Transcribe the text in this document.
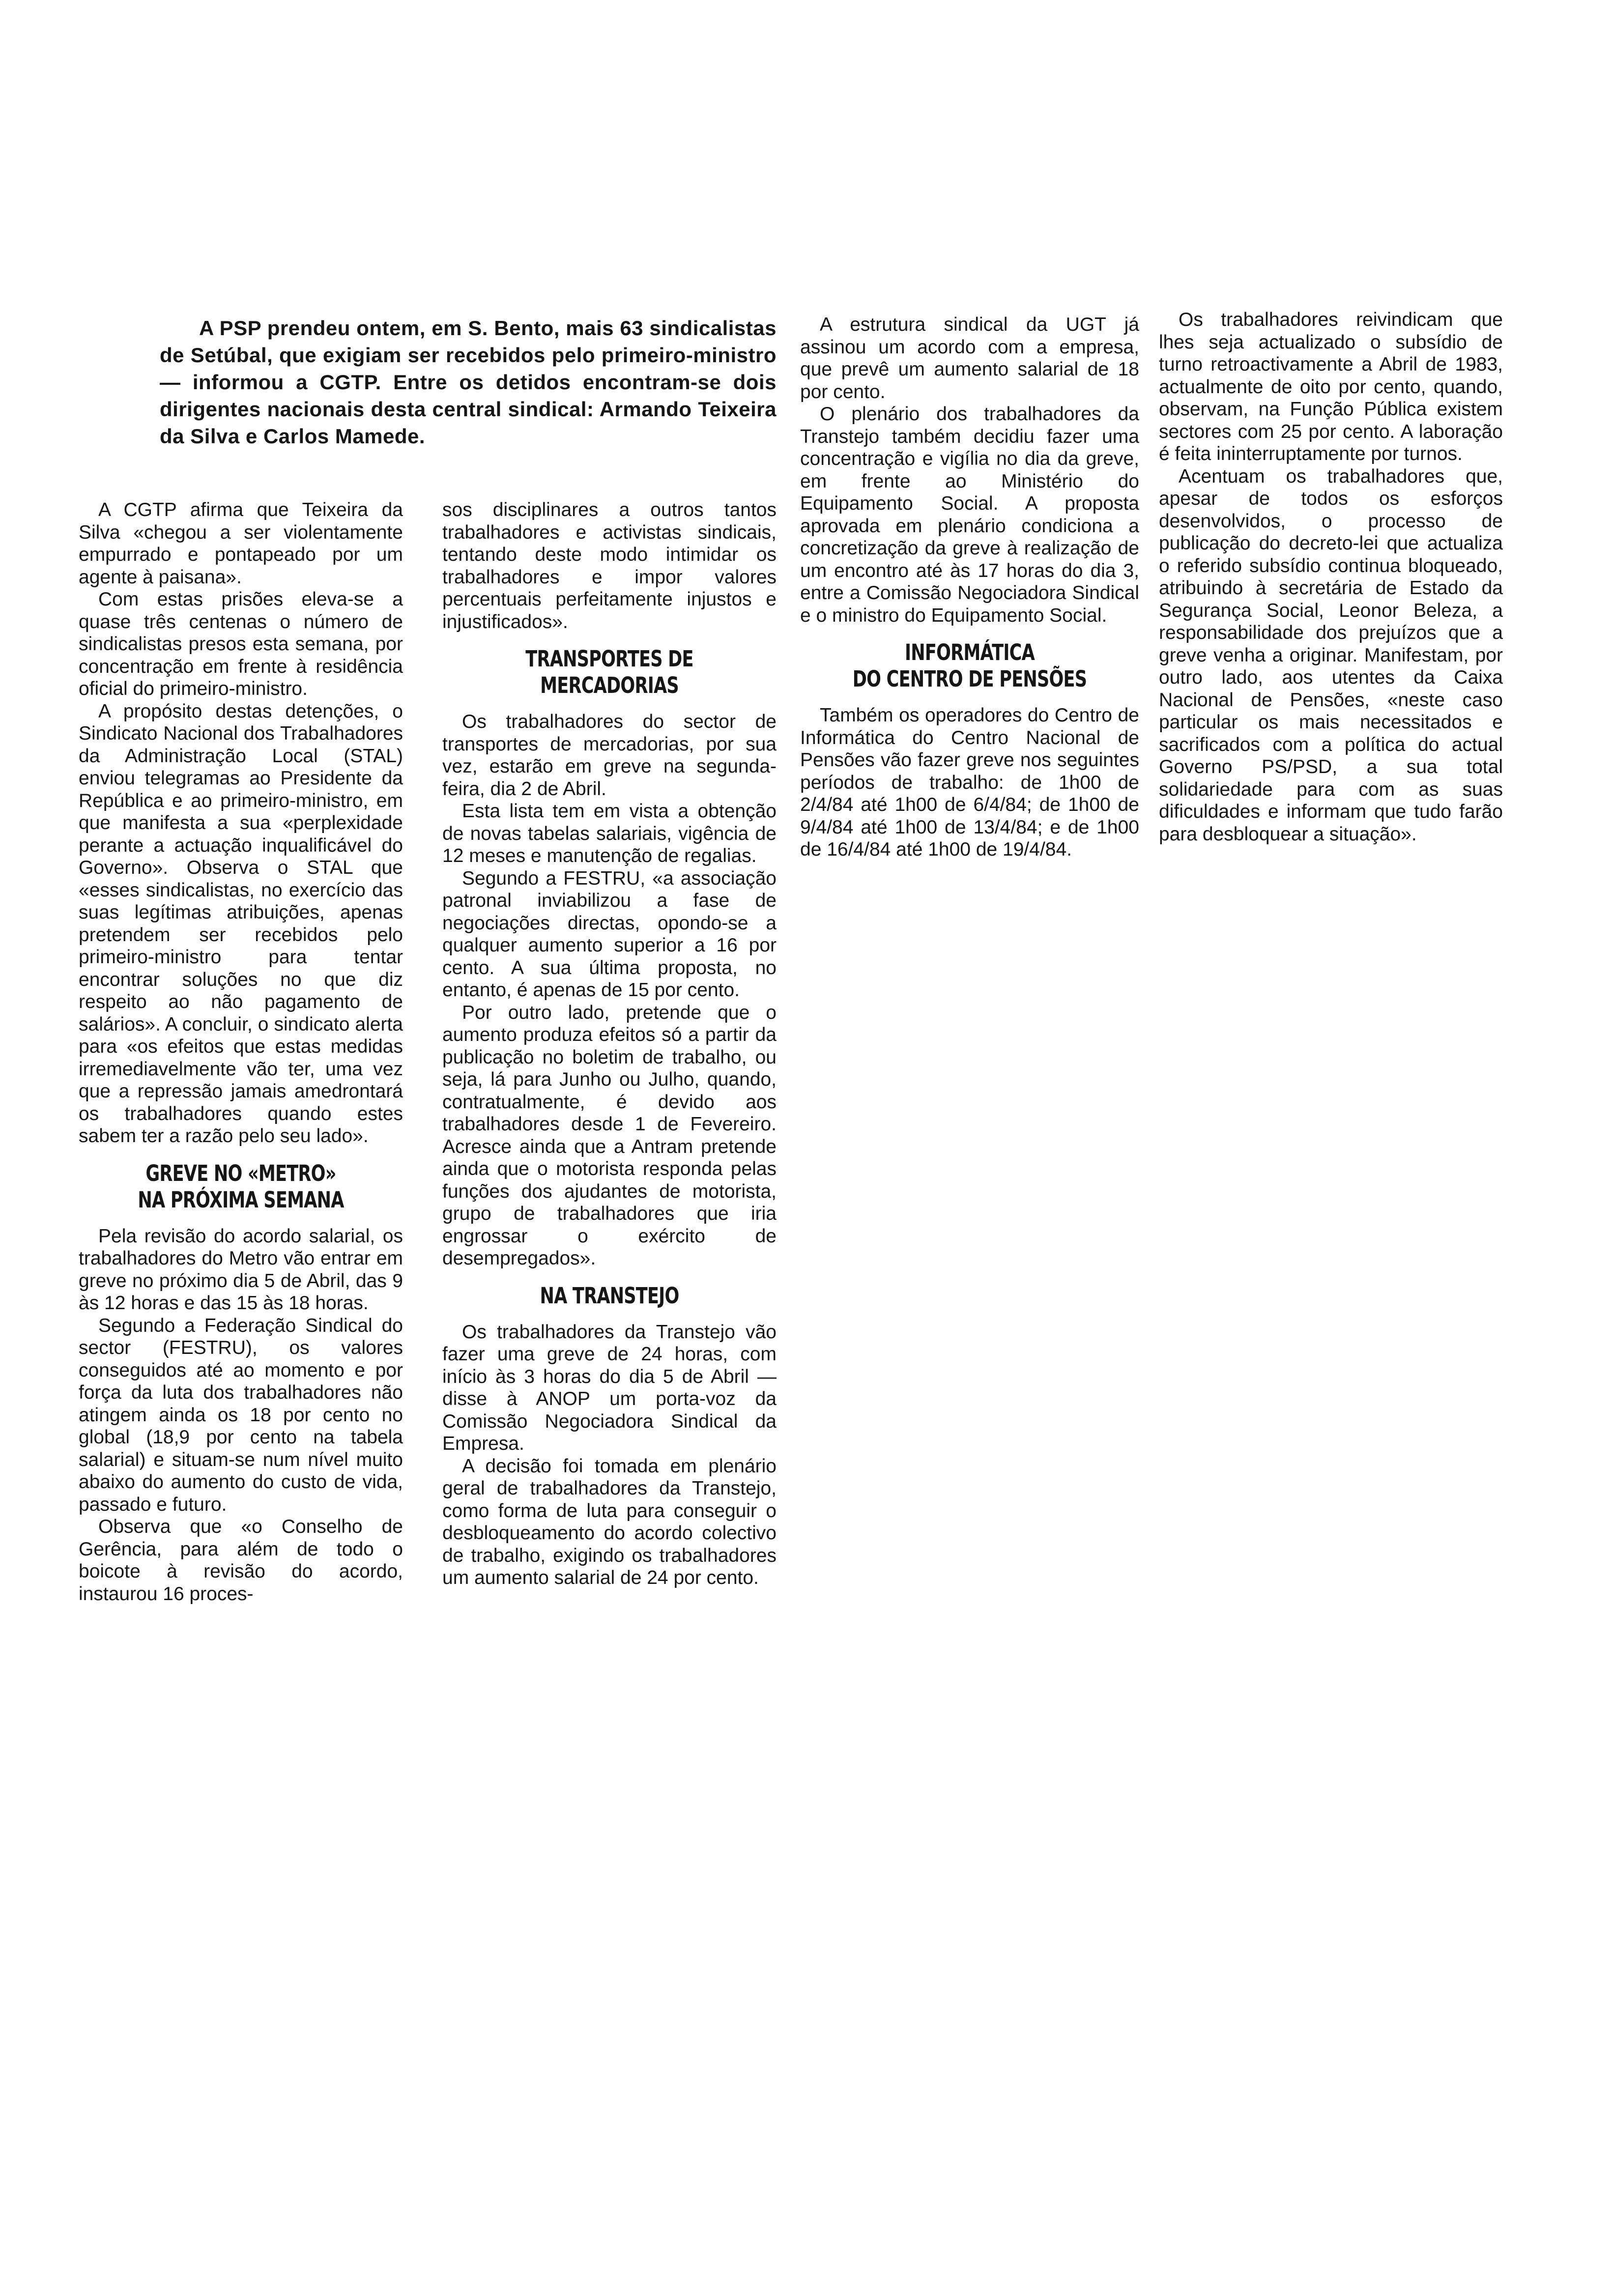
A PSP prendeu ontem, em S. Bento, mais 63 sindicalistas de Setúbal, que exigiam ser recebidos pelo primeiro-ministro — informou a CGTP. Entre os detidos encontram-se dois dirigentes nacionais desta central sindical: Armando Teixeira da Silva e Carlos Mamede.

A CGTP afirma que Teixeira da Silva «chegou a ser violentamente empurrado e pontapeado por um agente à paisana».

Com estas prisões eleva-se a quase três centenas o número de sindicalistas presos esta semana, por concentração em frente à residência oficial do primeiro-ministro.

A propósito destas detenções, o Sindicato Nacional dos Trabalhadores da Administração Local (STAL) enviou telegramas ao Presidente da República e ao primeiro-ministro, em que manifesta a sua «perplexidade perante a actuação inqualificável do Governo». Observa o STAL que «esses sindicalistas, no exercício das suas legítimas atribuições, apenas pretendem ser recebidos pelo primeiro-ministro para tentar encontrar soluções no que diz respeito ao não pagamento de salários». A concluir, o sindicato alerta para «os efeitos que estas medidas irremediavelmente vão ter, uma vez que a repressão jamais amedrontará os trabalhadores quando estes sabem ter a razão pelo seu lado».

GREVE NO «METRO»
NA PRÓXIMA SEMANA

Pela revisão do acordo salarial, os trabalhadores do Metro vão entrar em greve no próximo dia 5 de Abril, das 9 às 12 horas e das 15 às 18 horas.

Segundo a Federação Sindical do sector (FESTRU), os valores conseguidos até ao momento e por força da luta dos trabalhadores não atingem ainda os 18 por cento no global (18,9 por cento na tabela salarial) e situam-se num nível muito abaixo do aumento do custo de vida, passado e futuro.

Observa que «o Conselho de Gerência, para além de todo o boicote à revisão do acordo, instaurou 16 proces-

sos disciplinares a outros tantos trabalhadores e activistas sindicais, tentando deste modo intimidar os trabalhadores e impor valores percentuais perfeitamente injustos e injustificados».

TRANSPORTES DE MERCADORIAS

Os trabalhadores do sector de transportes de mercadorias, por sua vez, estarão em greve na segunda-feira, dia 2 de Abril.

Esta lista tem em vista a obtenção de novas tabelas salariais, vigência de 12 meses e manutenção de regalias.

Segundo a FESTRU, «a associação patronal inviabilizou a fase de negociações directas, opondo-se a qualquer aumento superior a 16 por cento. A sua última proposta, no entanto, é apenas de 15 por cento.

Por outro lado, pretende que o aumento produza efeitos só a partir da publicação no boletim de trabalho, ou seja, lá para Junho ou Julho, quando, contratualmente, é devido aos trabalhadores desde 1 de Fevereiro. Acresce ainda que a Antram pretende ainda que o motorista responda pelas funções dos ajudantes de motorista, grupo de trabalhadores que iria engrossar o exército de desempregados».

NA TRANSTEJO

Os trabalhadores da Transtejo vão fazer uma greve de 24 horas, com início às 3 horas do dia 5 de Abril — disse à ANOP um porta-voz da Comissão Negociadora Sindical da Empresa.

A decisão foi tomada em plenário geral de trabalhadores da Transtejo, como forma de luta para conseguir o desbloqueamento do acordo colectivo de trabalho, exigindo os trabalhadores um aumento salarial de 24 por cento.

A estrutura sindical da UGT já assinou um acordo com a empresa, que prevê um aumento salarial de 18 por cento.

O plenário dos trabalhadores da Transtejo também decidiu fazer uma concentração e vigília no dia da greve, em frente ao Ministério do Equipamento Social. A proposta aprovada em plenário condiciona a concretização da greve à realização de um encontro até às 17 horas do dia 3, entre a Comissão Negociadora Sindical e o ministro do Equipamento Social.

INFORMÁTICA
DO CENTRO DE PENSÕES

Também os operadores do Centro de Informática do Centro Nacional de Pensões vão fazer greve nos seguintes períodos de trabalho: de 1h00 de 2/4/84 até 1h00 de 6/4/84; de 1h00 de 9/4/84 até 1h00 de 13/4/84; e de 1h00 de 16/4/84 até 1h00 de 19/4/84.

Os trabalhadores reivindicam que lhes seja actualizado o subsídio de turno retroactivamente a Abril de 1983, actualmente de oito por cento, quando, observam, na Função Pública existem sectores com 25 por cento. A laboração é feita ininterruptamente por turnos.

Acentuam os trabalhadores que, apesar de todos os esforços desenvolvidos, o processo de publicação do decreto-lei que actualiza o referido subsídio continua bloqueado, atribuindo à secretária de Estado da Segurança Social, Leonor Beleza, a responsabilidade dos prejuízos que a greve venha a originar. Manifestam, por outro lado, aos utentes da Caixa Nacional de Pensões, «neste caso particular os mais necessitados e sacrificados com a política do actual Governo PS/PSD, a sua total solidariedade para com as suas dificuldades e informam que tudo farão para desbloquear a situação».
